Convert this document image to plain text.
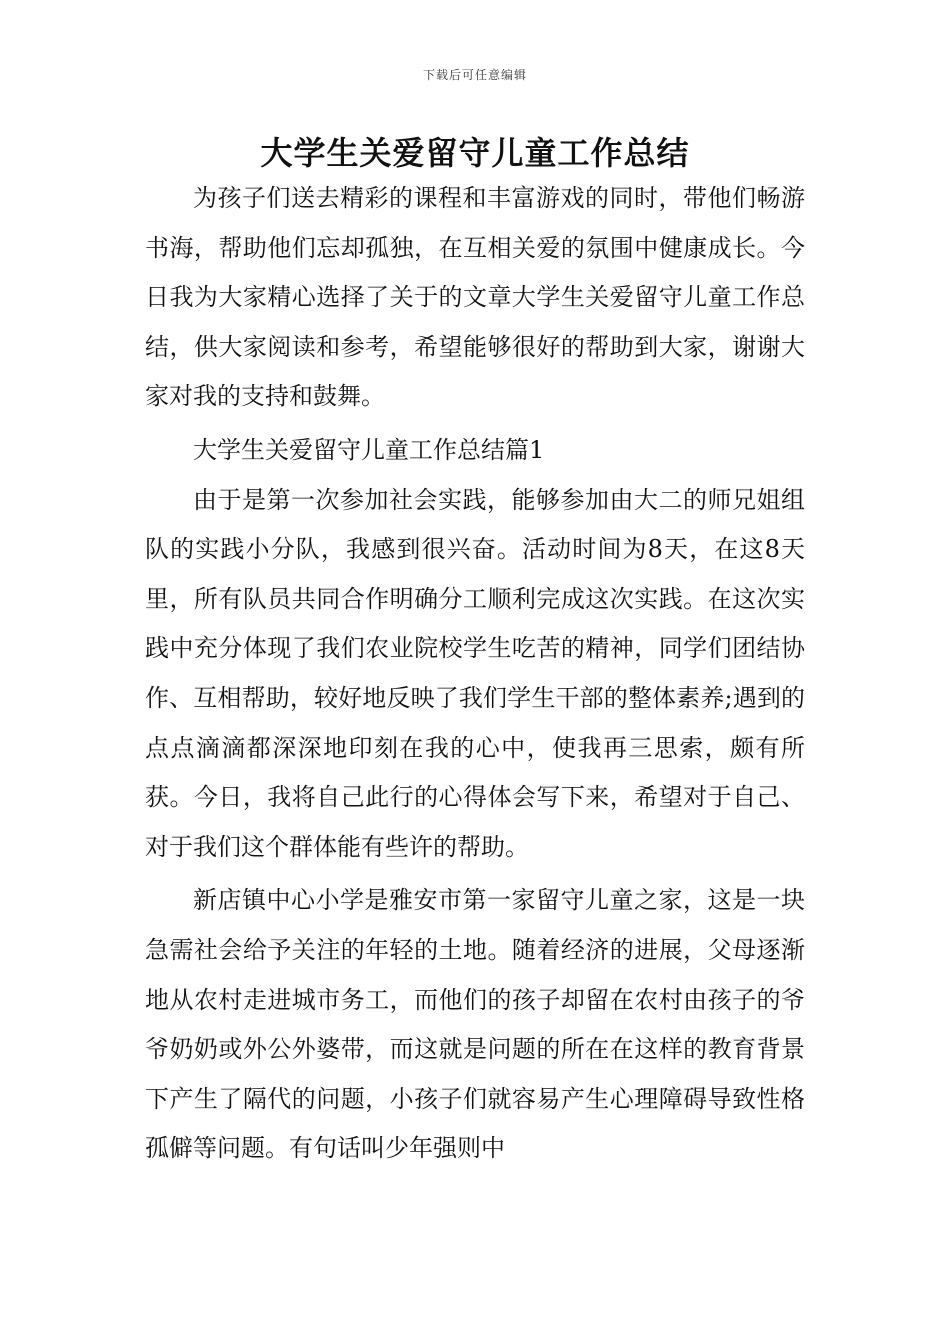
下载后可任意编辑
大学生关爱留守儿童工作总结

为孩子们送去精彩的课程和丰富游戏的同时，带他们畅游书海，帮助他们忘却孤独，在互相关爱的氛围中健康成长。今日我为大家精心选择了关于的文章大学生关爱留守儿童工作总结，供大家阅读和参考，希望能够很好的帮助到大家，谢谢大家对我的支持和鼓舞。

大学生关爱留守儿童工作总结篇1

由于是第一次参加社会实践，能够参加由大二的师兄姐组队的实践小分队，我感到很兴奋。活动时间为8天，在这8天里，所有队员共同合作明确分工顺利完成这次实践。在这次实践中充分体现了我们农业院校学生吃苦的精神，同学们团结协作、互相帮助，较好地反映了我们学生干部的整体素养;遇到的点点滴滴都深深地印刻在我的心中，使我再三思索，颇有所获。今日，我将自己此行的心得体会写下来，希望对于自己、对于我们这个群体能有些许的帮助。

新店镇中心小学是雅安市第一家留守儿童之家，这是一块急需社会给予关注的年轻的土地。随着经济的进展，父母逐渐地从农村走进城市务工，而他们的孩子却留在农村由孩子的爷爷奶奶或外公外婆带，而这就是问题的所在在这样的教育背景下产生了隔代的问题，小孩子们就容易产生心理障碍导致性格孤僻等问题。有句话叫少年强则中
